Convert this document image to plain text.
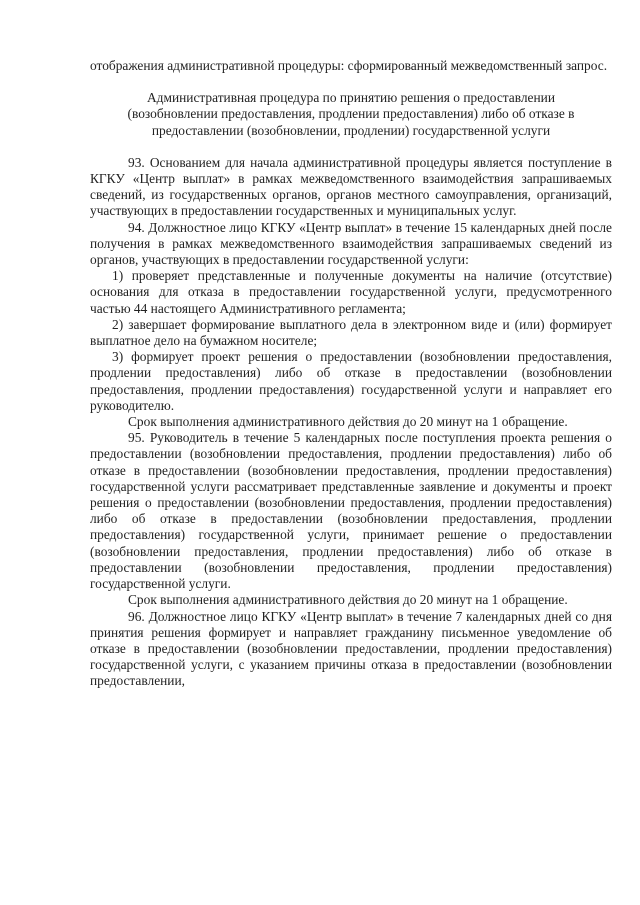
отображения административной процедуры: сформированный межведомственный запрос.

Административная процедура по принятию решения о предоставлении (возобновлении предоставления, продлении предоставления) либо об отказе в предоставлении (возобновлении, продлении) государственной услуги

93. Основанием для начала административной процедуры является поступление в КГКУ «Центр выплат» в рамках межведомственного взаимодействия запрашиваемых сведений, из государственных органов, органов местного самоуправления, организаций, участвующих в предоставлении государственных и муниципальных услуг.

94. Должностное лицо КГКУ «Центр выплат» в течение 15 календарных дней после получения в рамках межведомственного взаимодействия запрашиваемых сведений из органов, участвующих в предоставлении государственной услуги:

1) проверяет представленные и полученные документы на наличие (отсутствие) основания для отказа в предоставлении государственной услуги, предусмотренного частью 44 настоящего Административного регламента;

2) завершает формирование выплатного дела в электронном виде и (или) формирует выплатное дело на бумажном носителе;

3) формирует проект решения о предоставлении (возобновлении предоставления, продлении предоставления) либо об отказе в предоставлении (возобновлении предоставления, продлении предоставления) государственной услуги и направляет его руководителю.

Срок выполнения административного действия до 20 минут на 1 обращение.

95. Руководитель в течение 5 календарных после поступления проекта решения о предоставлении (возобновлении предоставления, продлении предоставления) либо об отказе в предоставлении (возобновлении предоставления, продлении предоставления) государственной услуги рассматривает представленные заявление и документы и проект решения о предоставлении (возобновлении предоставления, продлении предоставления) либо об отказе в предоставлении (возобновлении предоставления, продлении предоставления) государственной услуги, принимает решение о предоставлении (возобновлении предоставления, продлении предоставления) либо об отказе в предоставлении (возобновлении предоставления, продлении предоставления) государственной услуги.

Срок выполнения административного действия до 20 минут на 1 обращение.

96. Должностное лицо КГКУ «Центр выплат» в течение 7 календарных дней со дня принятия решения формирует и направляет гражданину письменное уведомление об отказе в предоставлении (возобновлении предоставлении, продлении предоставления) государственной услуги, с указанием причины отказа в предоставлении (возобновлении предоставлении,
